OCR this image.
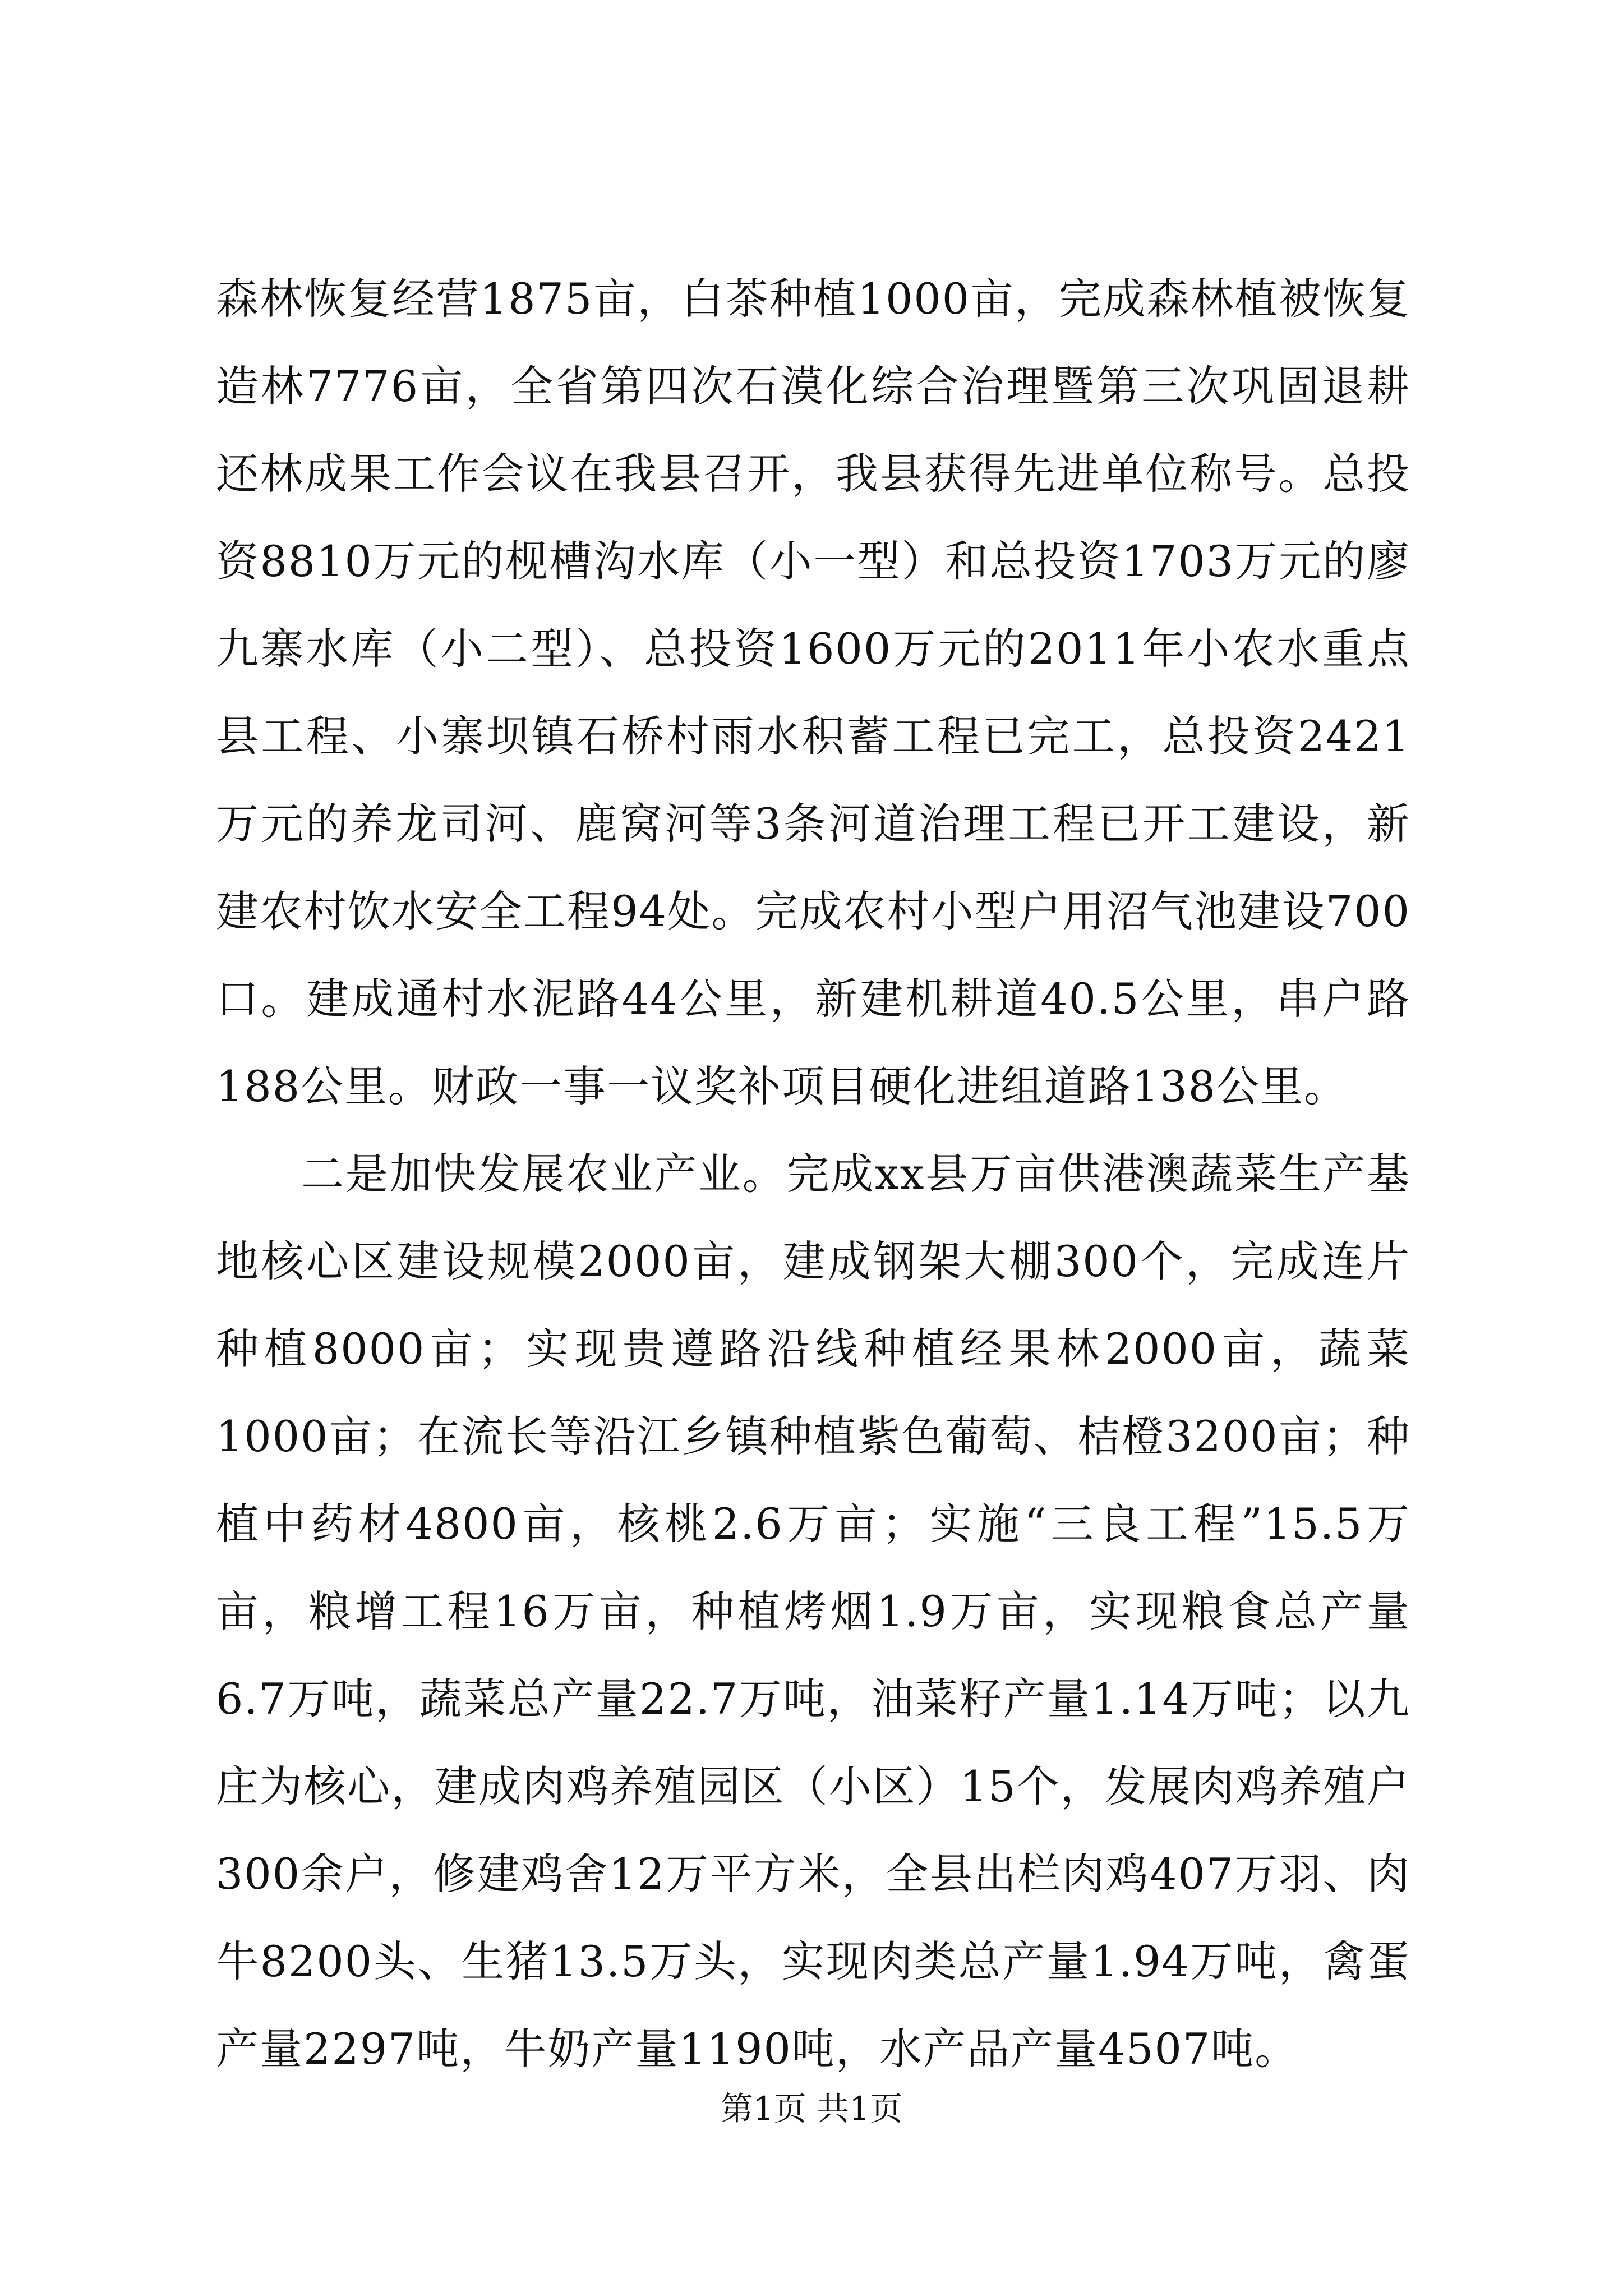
森林恢复经营1875亩，白茶种植1000亩，完成森林植被恢复造林7776亩，全省第四次石漠化综合治理暨第三次巩固退耕还林成果工作会议在我县召开，我县获得先进单位称号。总投资8810万元的枧槽沟水库（小一型）和总投资1703万元的廖九寨水库（小二型）、总投资1600万元的2011年小农水重点县工程、小寨坝镇石桥村雨水积蓄工程已完工，总投资2421万元的养龙司河、鹿窝河等3条河道治理工程已开工建设，新建农村饮水安全工程94处。完成农村小型户用沼气池建设700口。建成通村水泥路44公里，新建机耕道40.5公里，串户路188公里。财政一事一议奖补项目硬化进组道路138公里。

二是加快发展农业产业。完成xx县万亩供港澳蔬菜生产基地核心区建设规模2000亩，建成钢架大棚300个，完成连片种植8000亩；实现贵遵路沿线种植经果林2000亩，蔬菜1000亩；在流长等沿江乡镇种植紫色葡萄、桔橙3200亩；种植中药材4800亩，核桃2.6万亩；实施“三良工程”15.5万亩，粮增工程16万亩，种植烤烟1.9万亩，实现粮食总产量6.7万吨，蔬菜总产量22.7万吨，油菜籽产量1.14万吨；以九庄为核心，建成肉鸡养殖园区（小区）15个，发展肉鸡养殖户300余户，修建鸡舍12万平方米，全县出栏肉鸡407万羽、肉牛8200头、生猪13.5万头，实现肉类总产量1.94万吨，禽蛋产量2297吨，牛奶产量1190吨，水产品产量4507吨。

第1页 共1页
